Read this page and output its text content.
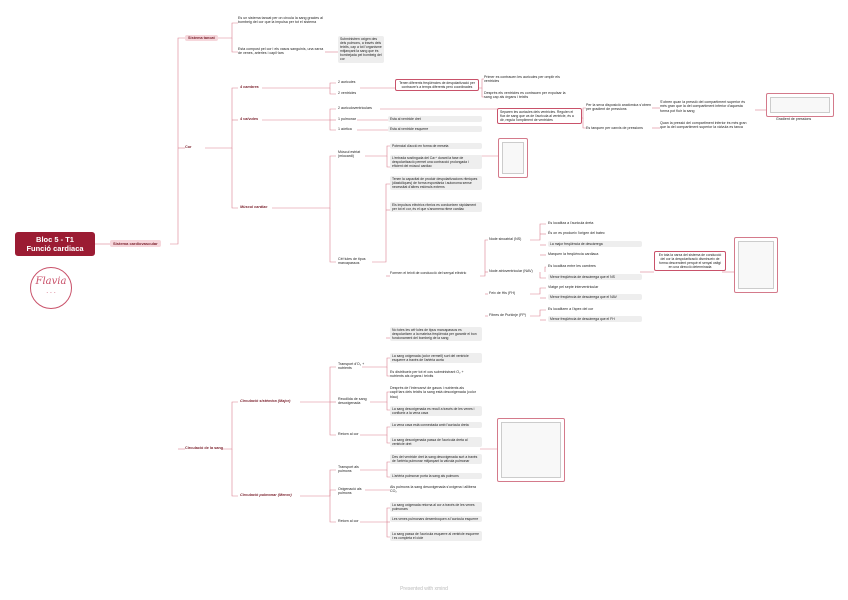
Bloc 5 - T1
Funció cardiaca
Flavia
· · ·
Sistema cardiovascular
Sistema tancat
Es un sistema tancat per on circula la sang gracies al bombeig del cor que la impulsa per tot el sistema
Esta compost pel cor i els vasos sanguinis, una xarxa de venes, arteries i capil·lars
Subministren oxigen des dels pulmons, a través dels teixits, cap a tot l'organisme mitjançant la sang que és bombejada pel bombeig del cor
Cor
4 cambres
2 auricules
2 ventricles
Tenen diferents freqüències de despolarització per contraure's a temps diferents però coordinades
Primer es contrauen les auricules per omplir els ventricles
Després els ventricles es contrauen per expulsar la sang cap als òrgans i teixits
4 valvules
2 auriculoventriculars
1 pulmonar
1 aòrtica
Esta al ventricle dret
Esta al ventricle esquerre
Separen les auricules dels ventricles. Regulen el flux de sang que va de l'auricula al ventricle, és a dir, regula l'ompliment de ventricles
Per la seva disposició anatòmica s'obren per gradient de pressions
Es tanquen per canvis de pressions
S'obren quan la pressió del compartiment superior és més gran que la del compartiment inferior d'aquesta forma pot fluir la sang
Quan la pressió del compartiment inferior és més gran que la del compartiment superior la vàlvula es tanca
Gradient de pressions
Múscul cardiac
Múscul estriat (miocardi)
Potencial d'acció en forma de meseta
L'entrada sostinguda del Ca²⁺ durant la fase de despolarització permet una contracció prolongada i eficient del múscul cardiac
Cèl·lules de tipus marcapassos
Tenen la capacitat de produir despolaritzacions ritmiques (diastòliques) de forma espontània i autonoma sense necessitat d'altres estímuls externs
Els impulsos elèctrics rítmics es condueixen ràpidament per tot el cor, és el que s'anomena ritme cardiac
Formen el teixit de conducció del senyal elèctric
No totes les cèl·lules de tipus marcapassos es despolaritzen a la mateixa freqüència per garantir el bon funcionament del bombeig de la sang
Node sinoatrial (NS)
Es localitza a l'auricula dreta
És on es produeix l'origen del batec
La major freqüència de descàrrega
Marquen la freqüència cardiaca
Node atrioventricular (NAV)
Es localitza entre les cambres
Menor freqüència de descàrrega que el NS
Feix de His (FH)
Viatge pel septe interventricular
Menor freqüència de descàrrega que el NAV
Fibres de Purkinje (FP)
Es localitzen a l'àpex del cor
Menor freqüència de descàrrega que el FH
En tota la xarxa del sistema de conducció del cor la despolarització disminueix de forma descendent perquè el senyal vaitgi en una direcció determinada
Circulació de la sang
Circulació sistèmica (Major)
Transport d'O₂ + nutrients
La sang oxigenada (color vermell) surt del ventricle esquerre a través de l'artèria aorta
Es distribueix per tot el cos subministrant O₂ + nutrients als òrgans i teixits
Recollida de sang desoxigenada
Després de l'intercanvi de gasos i nutrients als capil·lars dels teixits la sang està desoxigenada (color blau)
La sang desoxigenada es recull a través de les venes i conflueix a la vena cava
Retorn al cor
La vena cava està connectada amb l'aurícula dreta
La sang desoxigenada passa de l'aurícula dreta al ventricle dret
Circulació pulmonar (Menor)
Transport als pulmons
Des del ventricle dret la sang desoxigenada surt a través de l'artèria pulmonar mitjançant la vàlvula pulmonar
L'artèria pulmonar porta la sang als pulmons
Oxigenació als pulmons
Als pulmons la sang desoxigenada s'oxigena i allibera CO₂
Retorn al cor
La sang oxigenada retorna al cor a través de les venes pulmonars
Les venes pulmonars desemboquen a l'aurícula esquerre
La sang passa de l'aurícula esquerre al ventricle esquerre i es completa el cicle
Presented with xmind
